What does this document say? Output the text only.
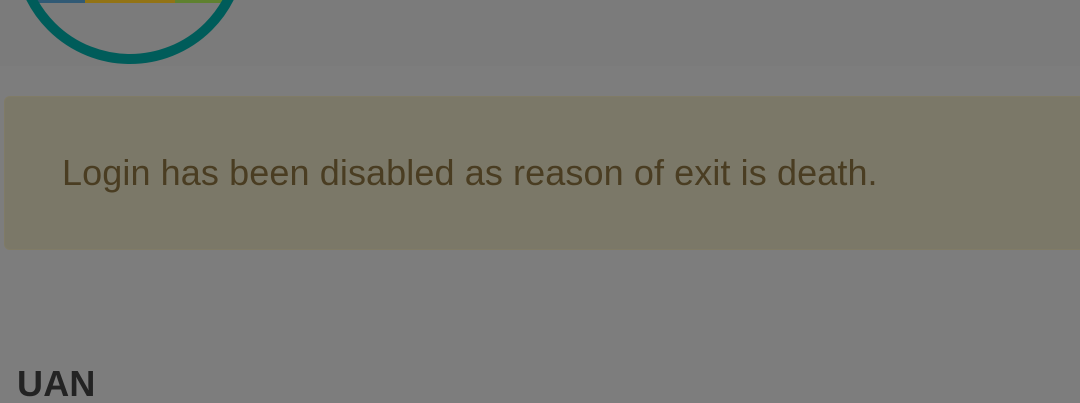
Login has been disabled as reason of exit is death.
UAN
